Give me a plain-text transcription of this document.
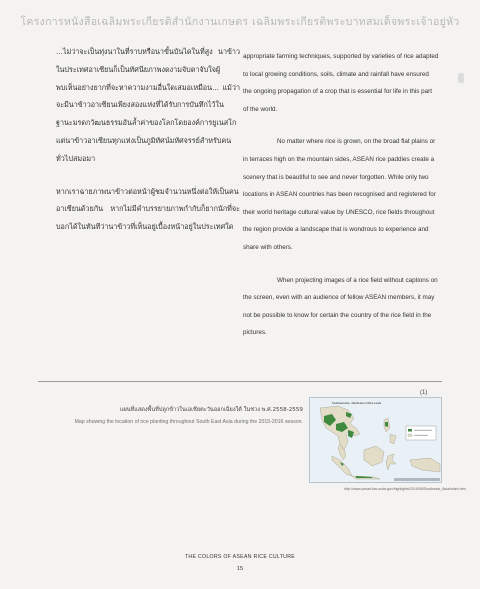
โครงการหนังสือเฉลิมพระเกียรติสำนักงานเกษตร เฉลิมพระเกียรติพระบาทสมเด็จพระเจ้าอยู่หัว

...ไม่ว่าจะเป็นทุ่งนาในที่ราบหรือนาขั้นบันไดในที่สูง นาข้าวในประเทศอาเซียนก็เป็นทัศนียภาพงดงามจับตาจับใจผู้พบเห็นอย่างยากที่จะหาความงามอื่นใดเสมอเหมือน... แม้ว่าจะมีนาข้าวอาเซียนเพียงสองแห่งที่ได้รับการบันทึกไว้ในฐานะมรดกวัฒนธรรมอันล้ำค่าของโลกโดยองค์การยูเนสโก แต่นาข้าวอาเซียนทุกแห่งเป็นภูมิทัศน์มหัศจรรย์สำหรับคนทั่วไปสมอมา

หากเราฉายภาพนาข้าวต่อหน้าผู้ชมจำนวนหนึ่งต่อให้เป็นคนอาเซียนด้วยกัน หากไม่มีคำบรรยายภาพกำกับก็ยากนักที่จะบอกได้ในทันทีว่านาข้าวที่เห็นอยู่เบื้องหน้าอยู่ในประเทศใด

appropriate farming techniques, supported by varieties of rice adapted to local growing conditions, soils, climate and rainfall have ensured the ongoing propagation of a crop that is essential for life in this part of the world.

No matter where rice is grown, on the broad flat plains or in terraces high on the mountain sides, ASEAN rice paddies create a scenery that is beautiful to see and never forgotten. While only two locations in ASEAN countries has been recognised and registered for their world heritage cultural value by UNESCO, rice fields throughout the region provide a landscape that is wondrous to experience and share with others.

When projecting images of a rice field without captions on the screen, even with an audience of fellow ASEAN members, it may not be possible to know for certain the country of the rice field in the pictures.

(1)
Southeast Asia - Distribution of Rice Lands
แผนที่แสดงพื้นที่ปลูกข้าวในเอเชียตะวันออกเฉียงใต้ ในช่วง พ.ศ.2558-2559
Map showing the location of rice planting throughout South East Asia during the 2015-2016 season.
http://www.pecad.fas.usda.gov/highlights/2015/08/Southeast_Asia/index.htm
THE COLORS OF ASEAN RICE CULTURE
15
